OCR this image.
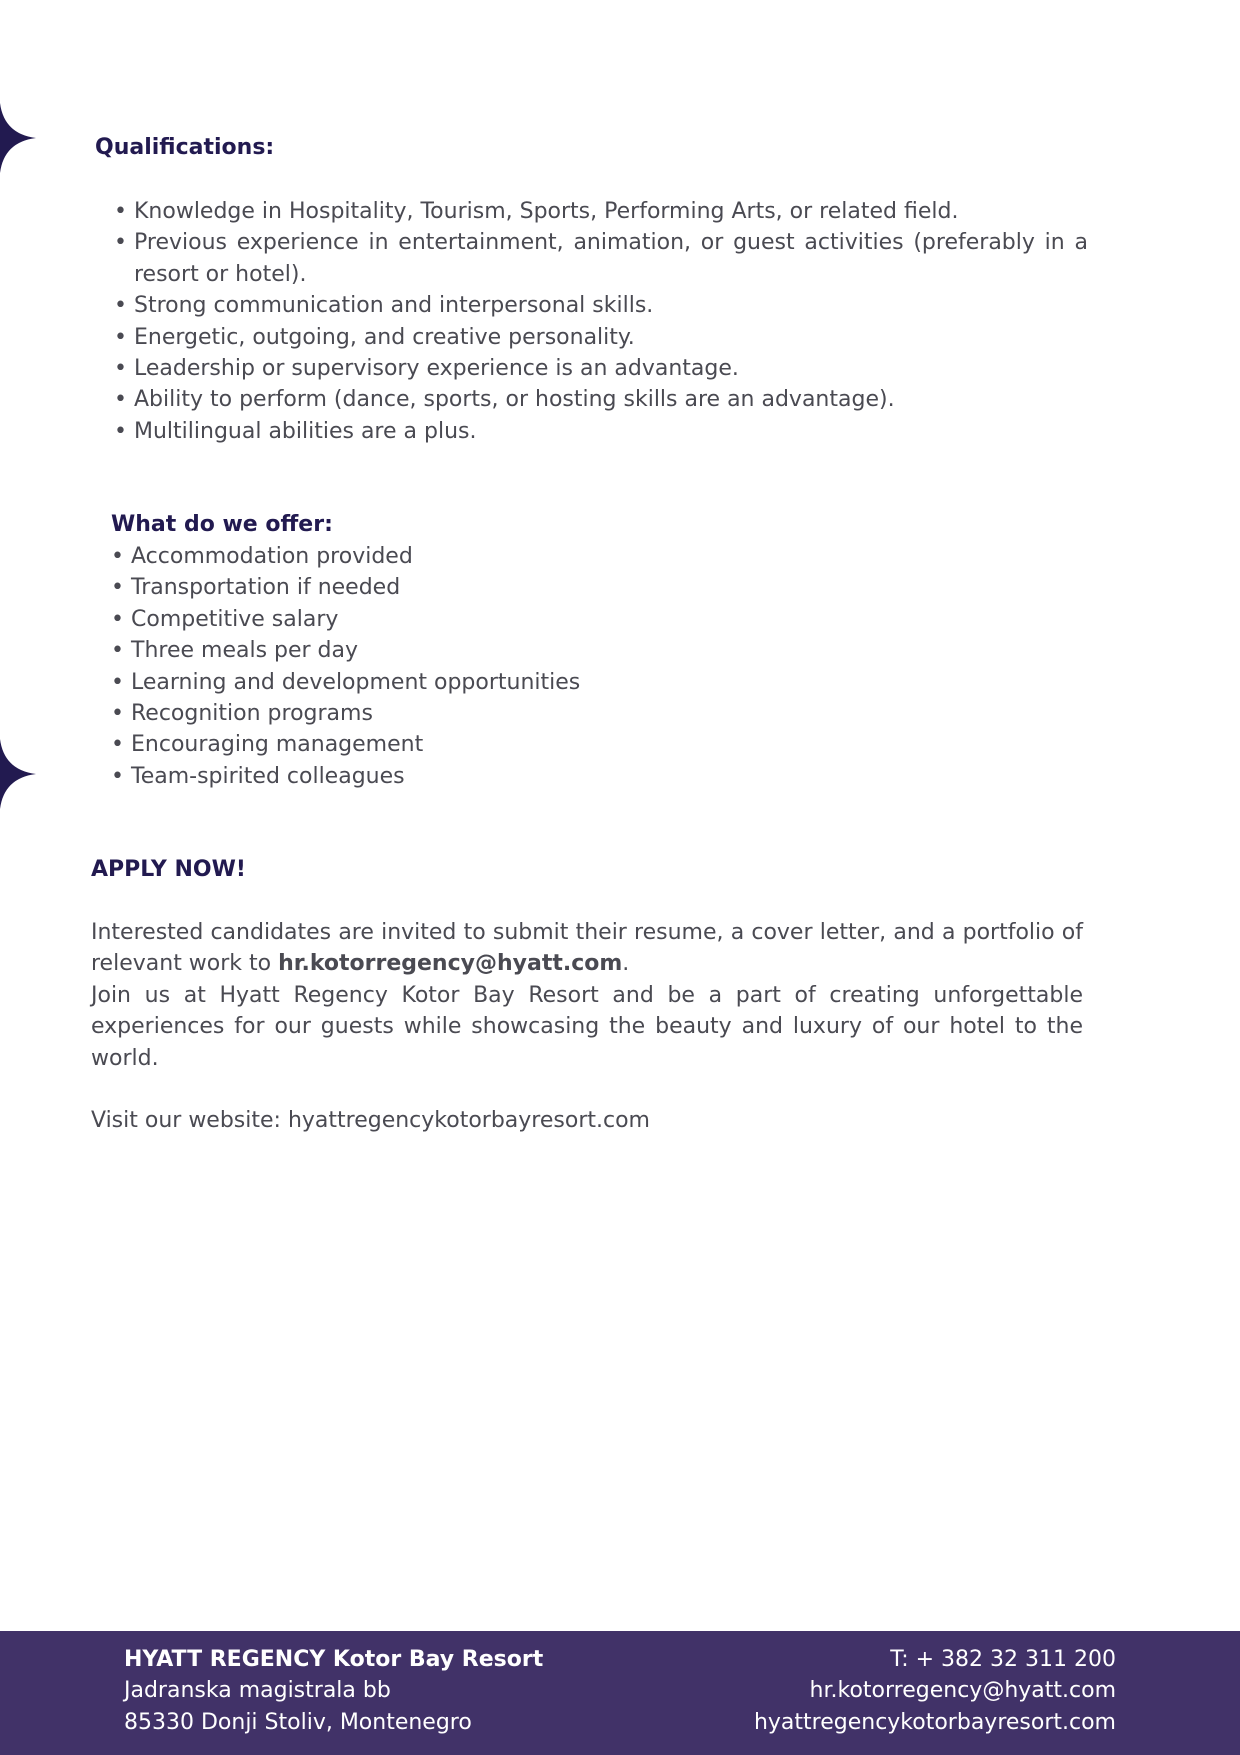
Qualifications:
• Knowledge in Hospitality, Tourism, Sports, Performing Arts, or related field.
• Previous experience in entertainment, animation, or guest activities (preferably in a resort or hotel).
• Strong communication and interpersonal skills.
• Energetic, outgoing, and creative personality.
• Leadership or supervisory experience is an advantage.
• Ability to perform (dance, sports, or hosting skills are an advantage).
• Multilingual abilities are a plus.
What do we offer:
• Accommodation provided
• Transportation if needed
• Competitive salary
• Three meals per day
• Learning and development opportunities
• Recognition programs
• Encouraging management
• Team-spirited colleagues
APPLY NOW!

Interested candidates are invited to submit their resume, a cover letter, and a portfolio of relevant work to hr.kotorregency@hyatt.com.

Join us at Hyatt Regency Kotor Bay Resort and be a part of creating unforgettable experiences for our guests while showcasing the beauty and luxury of our hotel to the world.

Visit our website: hyattregencykotorbayresort.com

HYATT REGENCY Kotor Bay Resort
Jadranska magistrala bb
85330 Donji Stoliv, Montenegro
T: + 382 32 311 200
hr.kotorregency@hyatt.com
hyattregencykotorbayresort.com
